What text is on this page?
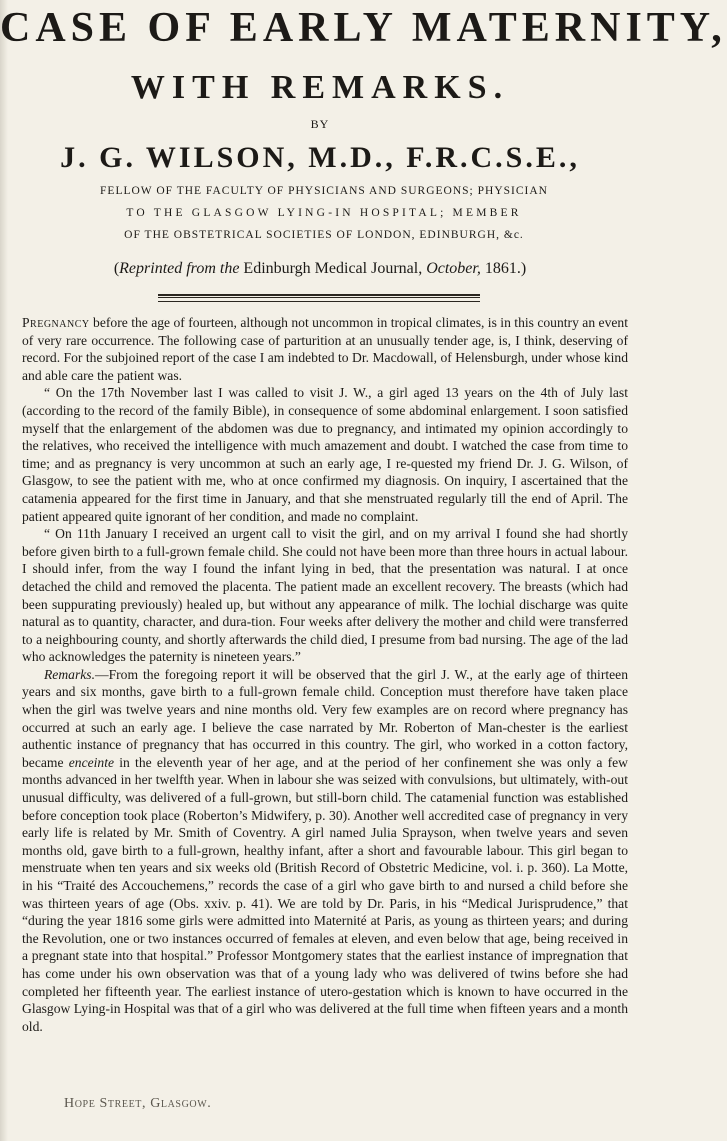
CASE OF EARLY MATERNITY,
WITH REMARKS.
BY
J. G. WILSON, M.D., F.R.C.S.E.,
FELLOW OF THE FACULTY OF PHYSICIANS AND SURGEONS; PHYSICIAN
TO THE GLASGOW LYING-IN HOSPITAL; MEMBER
OF THE OBSTETRICAL SOCIETIES OF LONDON, EDINBURGH, &c.
(Reprinted from the Edinburgh Medical Journal, October, 1861.)

Pregnancy before the age of fourteen, although not uncommon in tropical climates, is in this country an event of very rare occurrence. The following case of parturition at an unusually tender age, is, I think, deserving of record. For the subjoined report of the case I am indebted to Dr. Macdowall, of Helensburgh, under whose kind and able care the patient was.

“ On the 17th November last I was called to visit J. W., a girl aged 13 years on the 4th of July last (according to the record of the family Bible), in consequence of some abdominal enlargement. I soon satisfied myself that the enlargement of the abdomen was due to pregnancy, and intimated my opinion accordingly to the relatives, who received the intelligence with much amazement and doubt. I watched the case from time to time; and as pregnancy is very uncommon at such an early age, I re-quested my friend Dr. J. G. Wilson, of Glasgow, to see the patient with me, who at once confirmed my diagnosis. On inquiry, I ascertained that the catamenia appeared for the first time in January, and that she menstruated regularly till the end of April. The patient appeared quite ignorant of her condition, and made no complaint.

“ On 11th January I received an urgent call to visit the girl, and on my arrival I found she had shortly before given birth to a full-grown female child. She could not have been more than three hours in actual labour. I should infer, from the way I found the infant lying in bed, that the presentation was natural. I at once detached the child and removed the placenta. The patient made an excellent recovery. The breasts (which had been suppurating previously) healed up, but without any appearance of milk. The lochial discharge was quite natural as to quantity, character, and dura-tion. Four weeks after delivery the mother and child were transferred to a neighbouring county, and shortly afterwards the child died, I presume from bad nursing. The age of the lad who acknowledges the paternity is nineteen years.”

Remarks.—From the foregoing report it will be observed that the girl J. W., at the early age of thirteen years and six months, gave birth to a full-grown female child. Conception must therefore have taken place when the girl was twelve years and nine months old. Very few examples are on record where pregnancy has occurred at such an early age. I believe the case narrated by Mr. Roberton of Man-chester is the earliest authentic instance of pregnancy that has occurred in this country. The girl, who worked in a cotton factory, became enceinte in the eleventh year of her age, and at the period of her confinement she was only a few months advanced in her twelfth year. When in labour she was seized with convulsions, but ultimately, with-out unusual difficulty, was delivered of a full-grown, but still-born child. The catamenial function was established before conception took place (Roberton’s Midwifery, p. 30). Another well accredited case of pregnancy in very early life is related by Mr. Smith of Coventry. A girl named Julia Sprayson, when twelve years and seven months old, gave birth to a full-grown, healthy infant, after a short and favourable labour. This girl began to menstruate when ten years and six weeks old (British Record of Obstetric Medicine, vol. i. p. 360). La Motte, in his “Traité des Accouchemens,” records the case of a girl who gave birth to and nursed a child before she was thirteen years of age (Obs. xxiv. p. 41). We are told by Dr. Paris, in his “Medical Jurisprudence,” that “during the year 1816 some girls were admitted into Maternité at Paris, as young as thirteen years; and during the Revolution, one or two instances occurred of females at eleven, and even below that age, being received in a pregnant state into that hospital.” Professor Montgomery states that the earliest instance of impregnation that has come under his own observation was that of a young lady who was delivered of twins before she had completed her fifteenth year. The earliest instance of utero-gestation which is known to have occurred in the Glasgow Lying-in Hospital was that of a girl who was delivered at the full time when fifteen years and a month old.

Hope Street, Glasgow.
